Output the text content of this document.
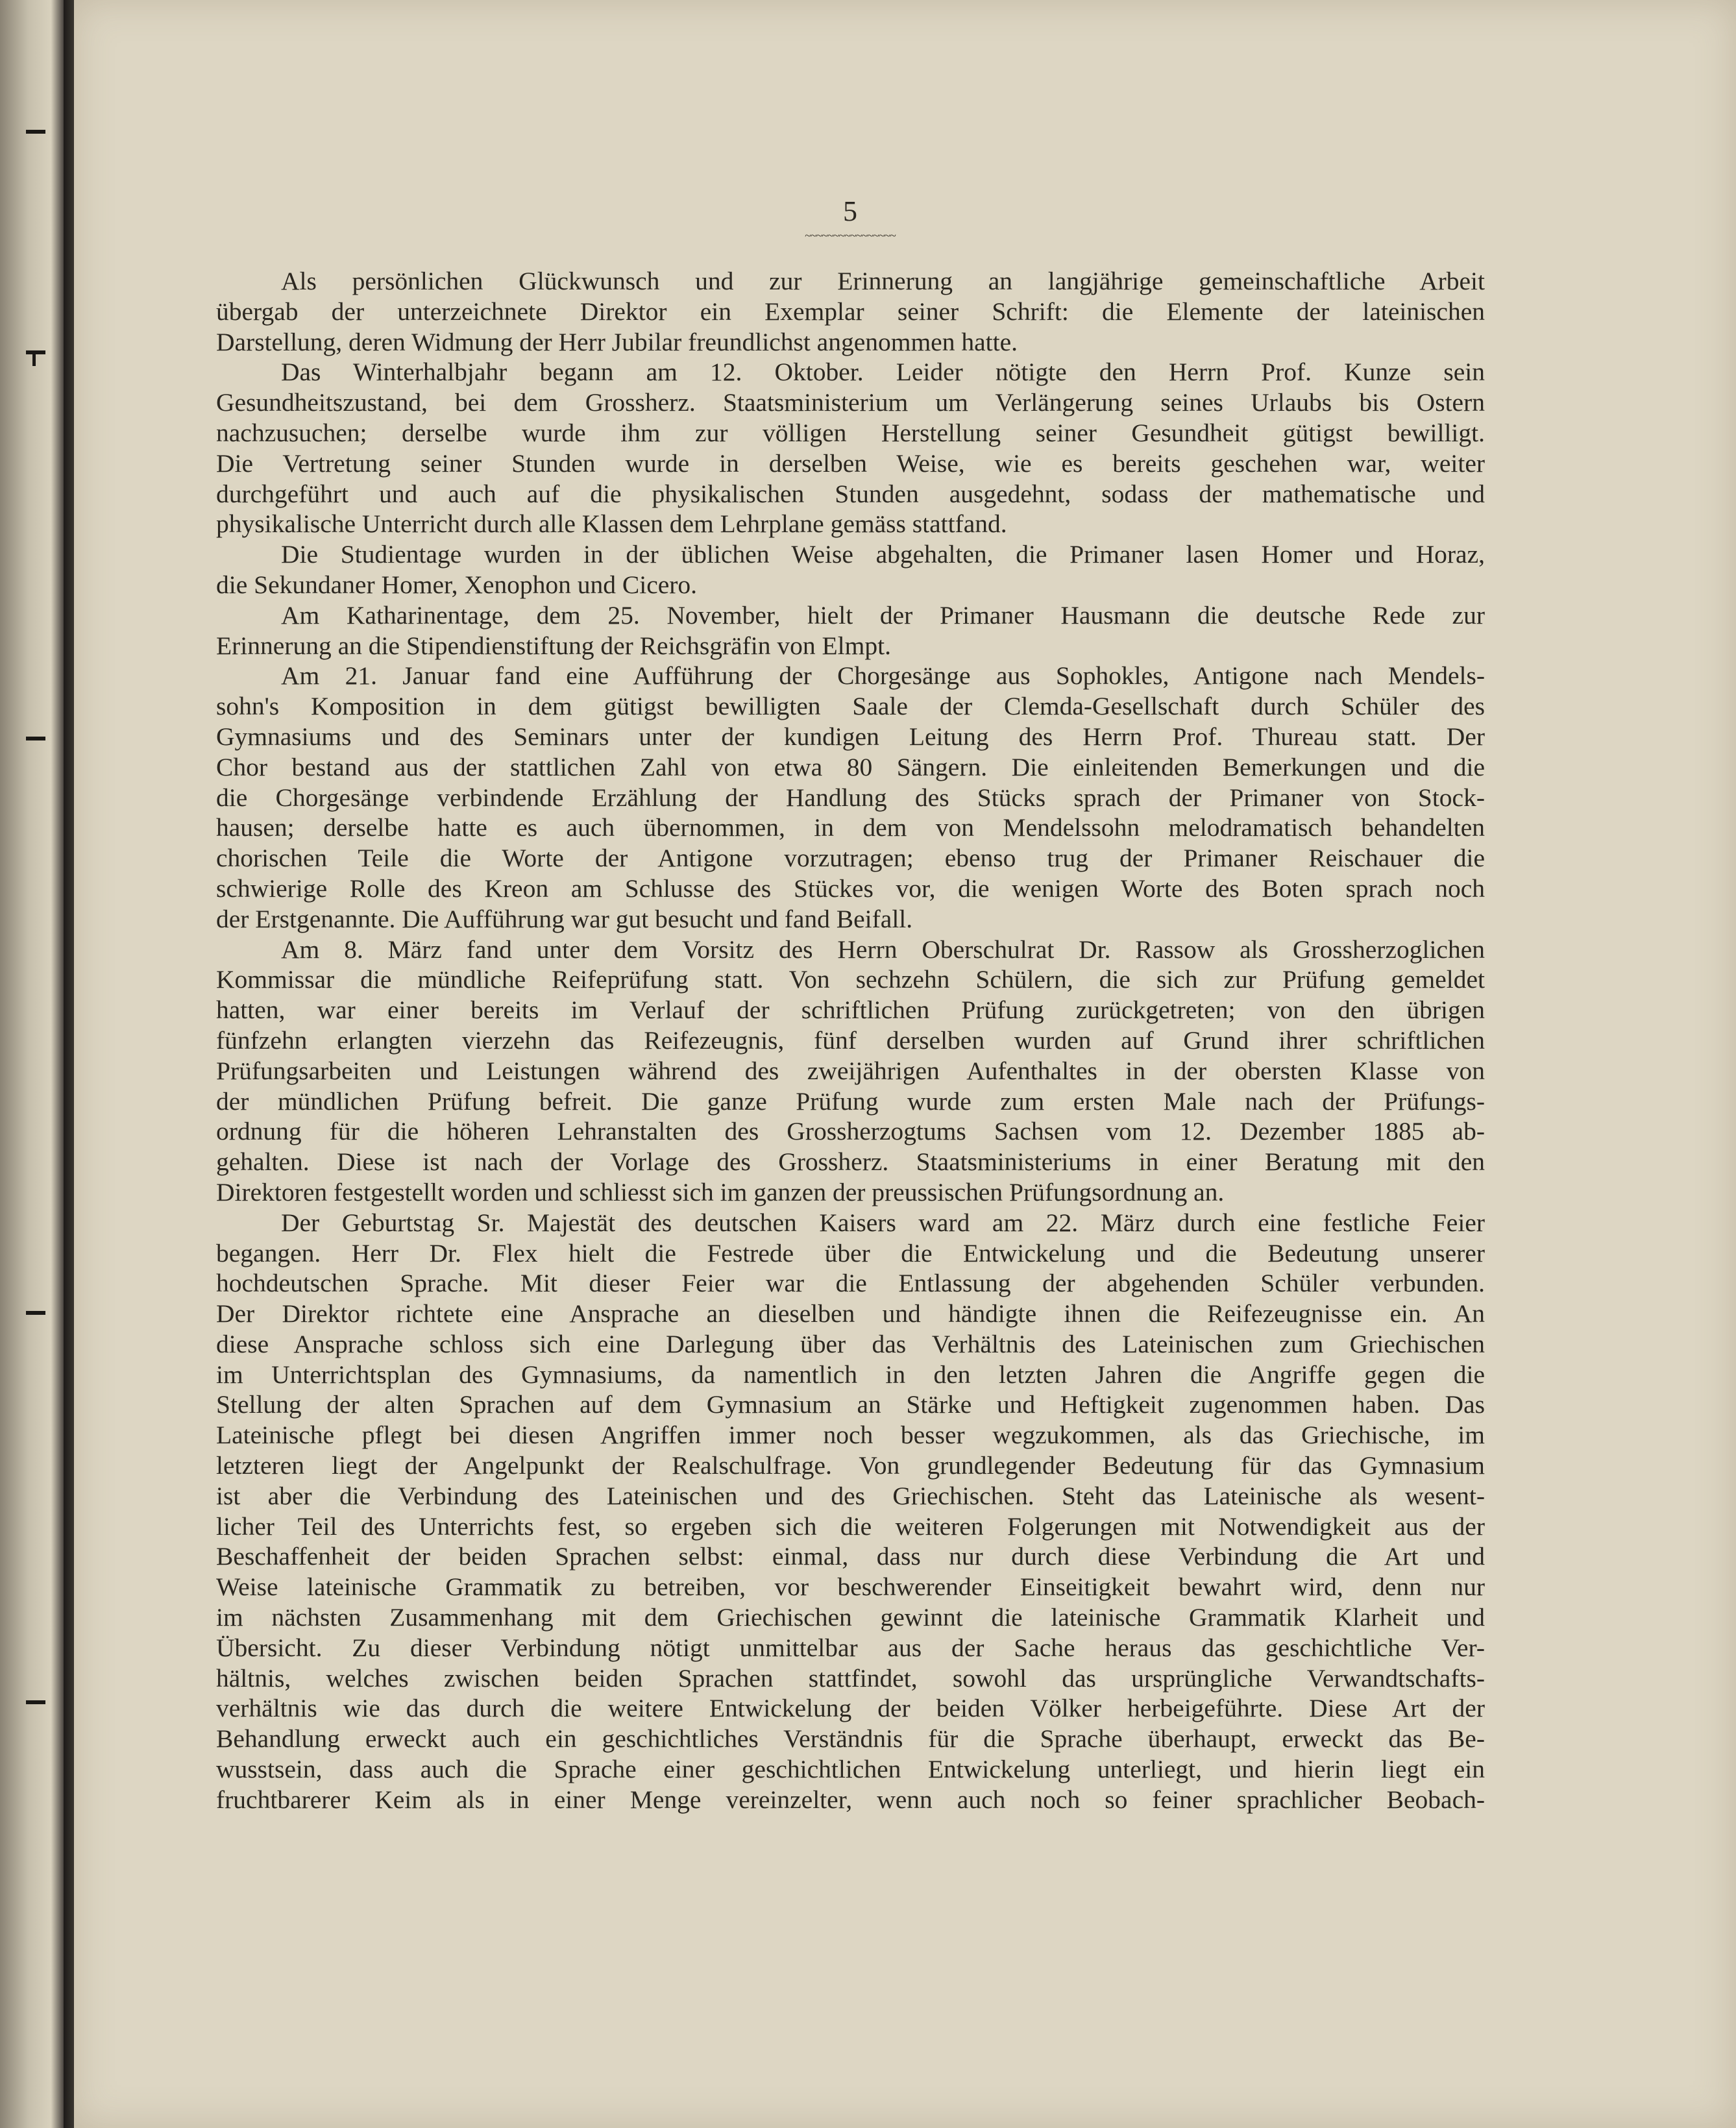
5
~~~~~~~~~~~~~~~~
Als persönlichen Glückwunsch und zur Erinnerung an langjährige gemeinschaftliche Arbeit
übergab der unterzeichnete Direktor ein Exemplar seiner Schrift: die Elemente der lateinischen
Darstellung, deren Widmung der Herr Jubilar freundlichst angenommen hatte.
Das Winterhalbjahr begann am 12. Oktober. Leider nötigte den Herrn Prof. Kunze sein
Gesundheitszustand, bei dem Grossherz. Staatsministerium um Verlängerung seines Urlaubs bis Ostern
nachzusuchen; derselbe wurde ihm zur völligen Herstellung seiner Gesundheit gütigst bewilligt.
Die Vertretung seiner Stunden wurde in derselben Weise, wie es bereits geschehen war, weiter
durchgeführt und auch auf die physikalischen Stunden ausgedehnt, sodass der mathematische und
physikalische Unterricht durch alle Klassen dem Lehrplane gemäss stattfand.
Die Studientage wurden in der üblichen Weise abgehalten, die Primaner lasen Homer und Horaz,
die Sekundaner Homer, Xenophon und Cicero.
Am Katharinentage, dem 25. November, hielt der Primaner Hausmann die deutsche Rede zur
Erinnerung an die Stipendienstiftung der Reichsgräfin von Elmpt.
Am 21. Januar fand eine Aufführung der Chorgesänge aus Sophokles, Antigone nach Mendels-
sohn's Komposition in dem gütigst bewilligten Saale der Clemda-Gesellschaft durch Schüler des
Gymnasiums und des Seminars unter der kundigen Leitung des Herrn Prof. Thureau statt. Der
Chor bestand aus der stattlichen Zahl von etwa 80 Sängern. Die einleitenden Bemerkungen und die
die Chorgesänge verbindende Erzählung der Handlung des Stücks sprach der Primaner von Stock-
hausen; derselbe hatte es auch übernommen, in dem von Mendelssohn melodramatisch behandelten
chorischen Teile die Worte der Antigone vorzutragen; ebenso trug der Primaner Reischauer die
schwierige Rolle des Kreon am Schlusse des Stückes vor, die wenigen Worte des Boten sprach noch
der Erstgenannte. Die Aufführung war gut besucht und fand Beifall.
Am 8. März fand unter dem Vorsitz des Herrn Oberschulrat Dr. Rassow als Grossherzoglichen
Kommissar die mündliche Reifeprüfung statt. Von sechzehn Schülern, die sich zur Prüfung gemeldet
hatten, war einer bereits im Verlauf der schriftlichen Prüfung zurückgetreten; von den übrigen
fünfzehn erlangten vierzehn das Reifezeugnis, fünf derselben wurden auf Grund ihrer schriftlichen
Prüfungsarbeiten und Leistungen während des zweijährigen Aufenthaltes in der obersten Klasse von
der mündlichen Prüfung befreit. Die ganze Prüfung wurde zum ersten Male nach der Prüfungs-
ordnung für die höheren Lehranstalten des Grossherzogtums Sachsen vom 12. Dezember 1885 ab-
gehalten. Diese ist nach der Vorlage des Grossherz. Staatsministeriums in einer Beratung mit den
Direktoren festgestellt worden und schliesst sich im ganzen der preussischen Prüfungsordnung an.
Der Geburtstag Sr. Majestät des deutschen Kaisers ward am 22. März durch eine festliche Feier
begangen. Herr Dr. Flex hielt die Festrede über die Entwickelung und die Bedeutung unserer
hochdeutschen Sprache. Mit dieser Feier war die Entlassung der abgehenden Schüler verbunden.
Der Direktor richtete eine Ansprache an dieselben und händigte ihnen die Reifezeugnisse ein. An
diese Ansprache schloss sich eine Darlegung über das Verhältnis des Lateinischen zum Griechischen
im Unterrichtsplan des Gymnasiums, da namentlich in den letzten Jahren die Angriffe gegen die
Stellung der alten Sprachen auf dem Gymnasium an Stärke und Heftigkeit zugenommen haben. Das
Lateinische pflegt bei diesen Angriffen immer noch besser wegzukommen, als das Griechische, im
letzteren liegt der Angelpunkt der Realschulfrage. Von grundlegender Bedeutung für das Gymnasium
ist aber die Verbindung des Lateinischen und des Griechischen. Steht das Lateinische als wesent-
licher Teil des Unterrichts fest, so ergeben sich die weiteren Folgerungen mit Notwendigkeit aus der
Beschaffenheit der beiden Sprachen selbst: einmal, dass nur durch diese Verbindung die Art und
Weise lateinische Grammatik zu betreiben, vor beschwerender Einseitigkeit bewahrt wird, denn nur
im nächsten Zusammenhang mit dem Griechischen gewinnt die lateinische Grammatik Klarheit und
Übersicht. Zu dieser Verbindung nötigt unmittelbar aus der Sache heraus das geschichtliche Ver-
hältnis, welches zwischen beiden Sprachen stattfindet, sowohl das ursprüngliche Verwandtschafts-
verhältnis wie das durch die weitere Entwickelung der beiden Völker herbeigeführte. Diese Art der
Behandlung erweckt auch ein geschichtliches Verständnis für die Sprache überhaupt, erweckt das Be-
wusstsein, dass auch die Sprache einer geschichtlichen Entwickelung unterliegt, und hierin liegt ein
fruchtbarerer Keim als in einer Menge vereinzelter, wenn auch noch so feiner sprachlicher Beobach-
